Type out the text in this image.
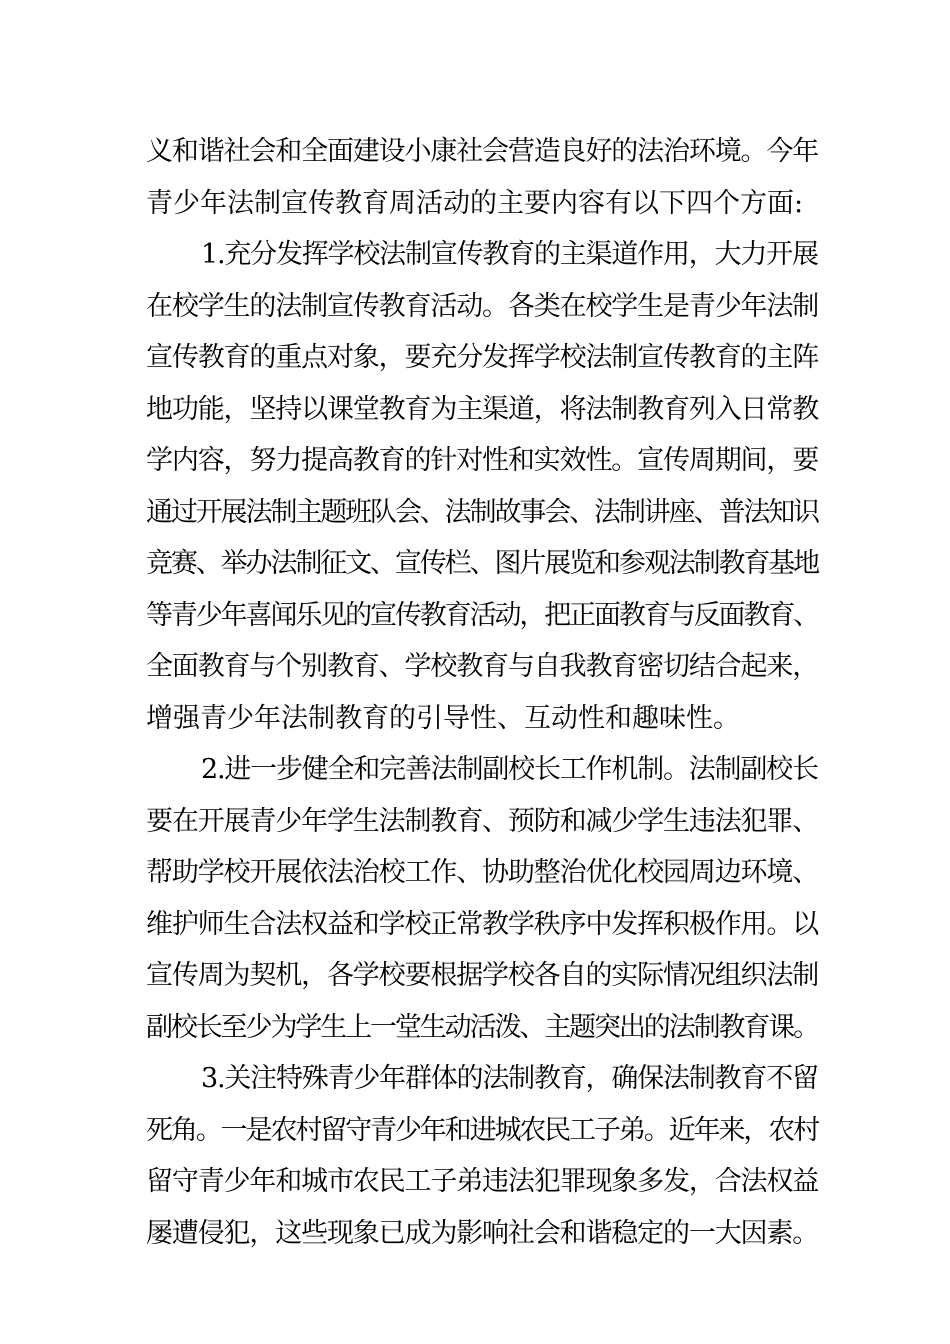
义和谐社会和全面建设小康社会营造良好的法治环境。今年
青少年法制宣传教育周活动的主要内容有以下四个方面:
1.充分发挥学校法制宣传教育的主渠道作用，大力开展
在校学生的法制宣传教育活动。各类在校学生是青少年法制
宣传教育的重点对象，要充分发挥学校法制宣传教育的主阵
地功能，坚持以课堂教育为主渠道，将法制教育列入日常教
学内容，努力提高教育的针对性和实效性。宣传周期间，要
通过开展法制主题班队会、法制故事会、法制讲座、普法知识
竞赛、举办法制征文、宣传栏、图片展览和参观法制教育基地
等青少年喜闻乐见的宣传教育活动，把正面教育与反面教育、
全面教育与个别教育、学校教育与自我教育密切结合起来，
增强青少年法制教育的引导性、互动性和趣味性。
2.进一步健全和完善法制副校长工作机制。法制副校长
要在开展青少年学生法制教育、预防和减少学生违法犯罪、
帮助学校开展依法治校工作、协助整治优化校园周边环境、
维护师生合法权益和学校正常教学秩序中发挥积极作用。以
宣传周为契机，各学校要根据学校各自的实际情况组织法制
副校长至少为学生上一堂生动活泼、主题突出的法制教育课。
3.关注特殊青少年群体的法制教育，确保法制教育不留
死角。一是农村留守青少年和进城农民工子弟。近年来，农村
留守青少年和城市农民工子弟违法犯罪现象多发，合法权益
屡遭侵犯，这些现象已成为影响社会和谐稳定的一大因素。
